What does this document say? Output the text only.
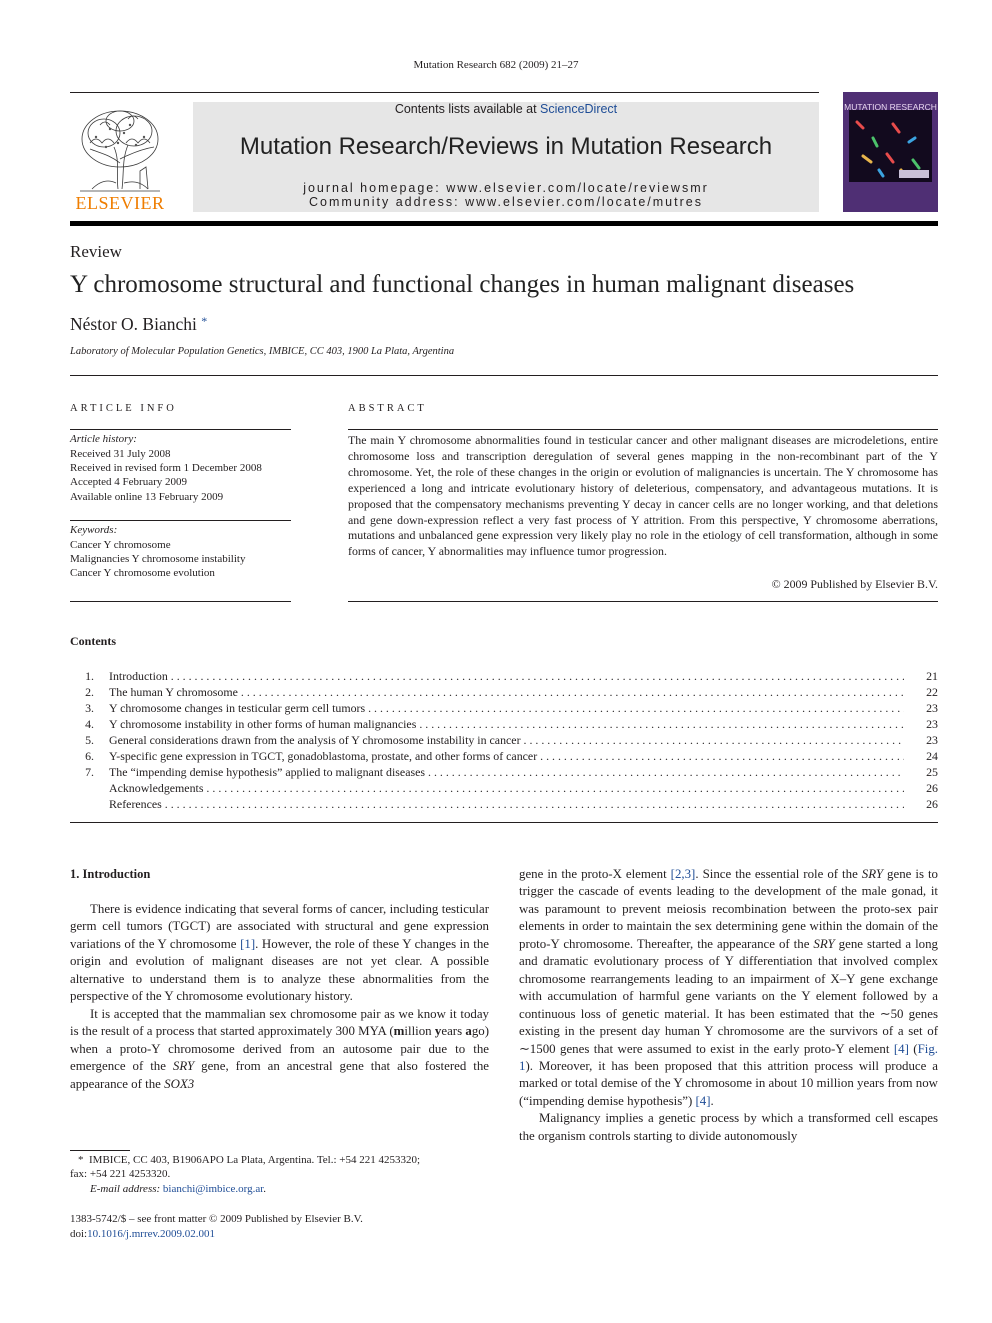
Mutation Research 682 (2009) 21–27
ELSEVIER
Contents lists available at ScienceDirect
Mutation Research/Reviews in Mutation Research
journal homepage: www.elsevier.com/locate/reviewsmr
Community address: www.elsevier.com/locate/mutres
MUTATION RESEARCH
Review
Y chromosome structural and functional changes in human malignant diseases
Néstor O. Bianchi *
Laboratory of Molecular Population Genetics, IMBICE, CC 403, 1900 La Plata, Argentina
ARTICLE INFO
Article history:
Received 31 July 2008
Received in revised form 1 December 2008
Accepted 4 February 2009
Available online 13 February 2009
Keywords:
Cancer Y chromosome
Malignancies Y chromosome instability
Cancer Y chromosome evolution
ABSTRACT
The main Y chromosome abnormalities found in testicular cancer and other malignant diseases are microdeletions, entire chromosome loss and transcription deregulation of several genes mapping in the non-recombinant part of the Y chromosome. Yet, the role of these changes in the origin or evolution of malignancies is uncertain. The Y chromosome has experienced a long and intricate evolutionary history of deleterious, compensatory, and advantageous mutations. It is proposed that the compensatory mechanisms preventing Y decay in cancer cells are no longer working, and that deletions and gene down-expression reflect a very fast process of Y attrition. From this perspective, Y chromosome aberrations, mutations and unbalanced gene expression very likely play no role in the etiology of cell transformation, although in some forms of cancer, Y abnormalities may influence tumor progression.
© 2009 Published by Elsevier B.V.
Contents
1. Introduction . . .	21
2. The human Y chromosome . . .	22
3. Y chromosome changes in testicular germ cell tumors . . .	23
4. Y chromosome instability in other forms of human malignancies . . .	23
5. General considerations drawn from the analysis of Y chromosome instability in cancer . . .	23
6. Y-specific gene expression in TGCT, gonadoblastoma, prostate, and other forms of cancer . . .	24
7. The “impending demise hypothesis” applied to malignant diseases . . .	25
Acknowledgements . . .	26
References . . .	26
1. Introduction

There is evidence indicating that several forms of cancer, including testicular germ cell tumors (TGCT) are associated with structural and gene expression variations of the Y chromosome [1]. However, the role of these Y changes in the origin and evolution of malignant diseases are not yet clear. A possible alternative to understand them is to analyze these abnormalities from the perspective of the Y chromosome evolutionary history.

It is accepted that the mammalian sex chromosome pair as we know it today is the result of a process that started approximately 300 MYA (million years ago) when a proto-Y chromosome derived from an autosome pair due to the emergence of the SRY gene, from an ancestral gene that also fostered the appearance of the SOX3

gene in the proto-X element [2,3]. Since the essential role of the SRY gene is to trigger the cascade of events leading to the development of the male gonad, it was paramount to prevent meiosis recombination between the proto-sex pair elements in order to maintain the sex determining gene within the domain of the proto-Y chromosome. Thereafter, the appearance of the SRY gene started a long and dramatic evolutionary process of Y differentiation that involved complex chromosome rearrangements leading to an impairment of X–Y gene exchange with accumulation of harmful gene variants on the Y element followed by a continuous loss of genetic material. It has been estimated that the ∼50 genes existing in the present day human Y chromosome are the survivors of a set of ∼1500 genes that were assumed to exist in the early proto-Y element [4] (Fig. 1). Moreover, it has been proposed that this attrition process will produce a marked or total demise of the Y chromosome in about 10 million years from now (“impending demise hypothesis”) [4].

Malignancy implies a genetic process by which a transformed cell escapes the organism controls starting to divide autonomously

* IMBICE, CC 403, B1906APO La Plata, Argentina. Tel.: +54 221 4253320;
fax: +54 221 4253320.
E-mail address: bianchi@imbice.org.ar.
1383-5742/$ – see front matter © 2009 Published by Elsevier B.V.
doi:10.1016/j.mrrev.2009.02.001
